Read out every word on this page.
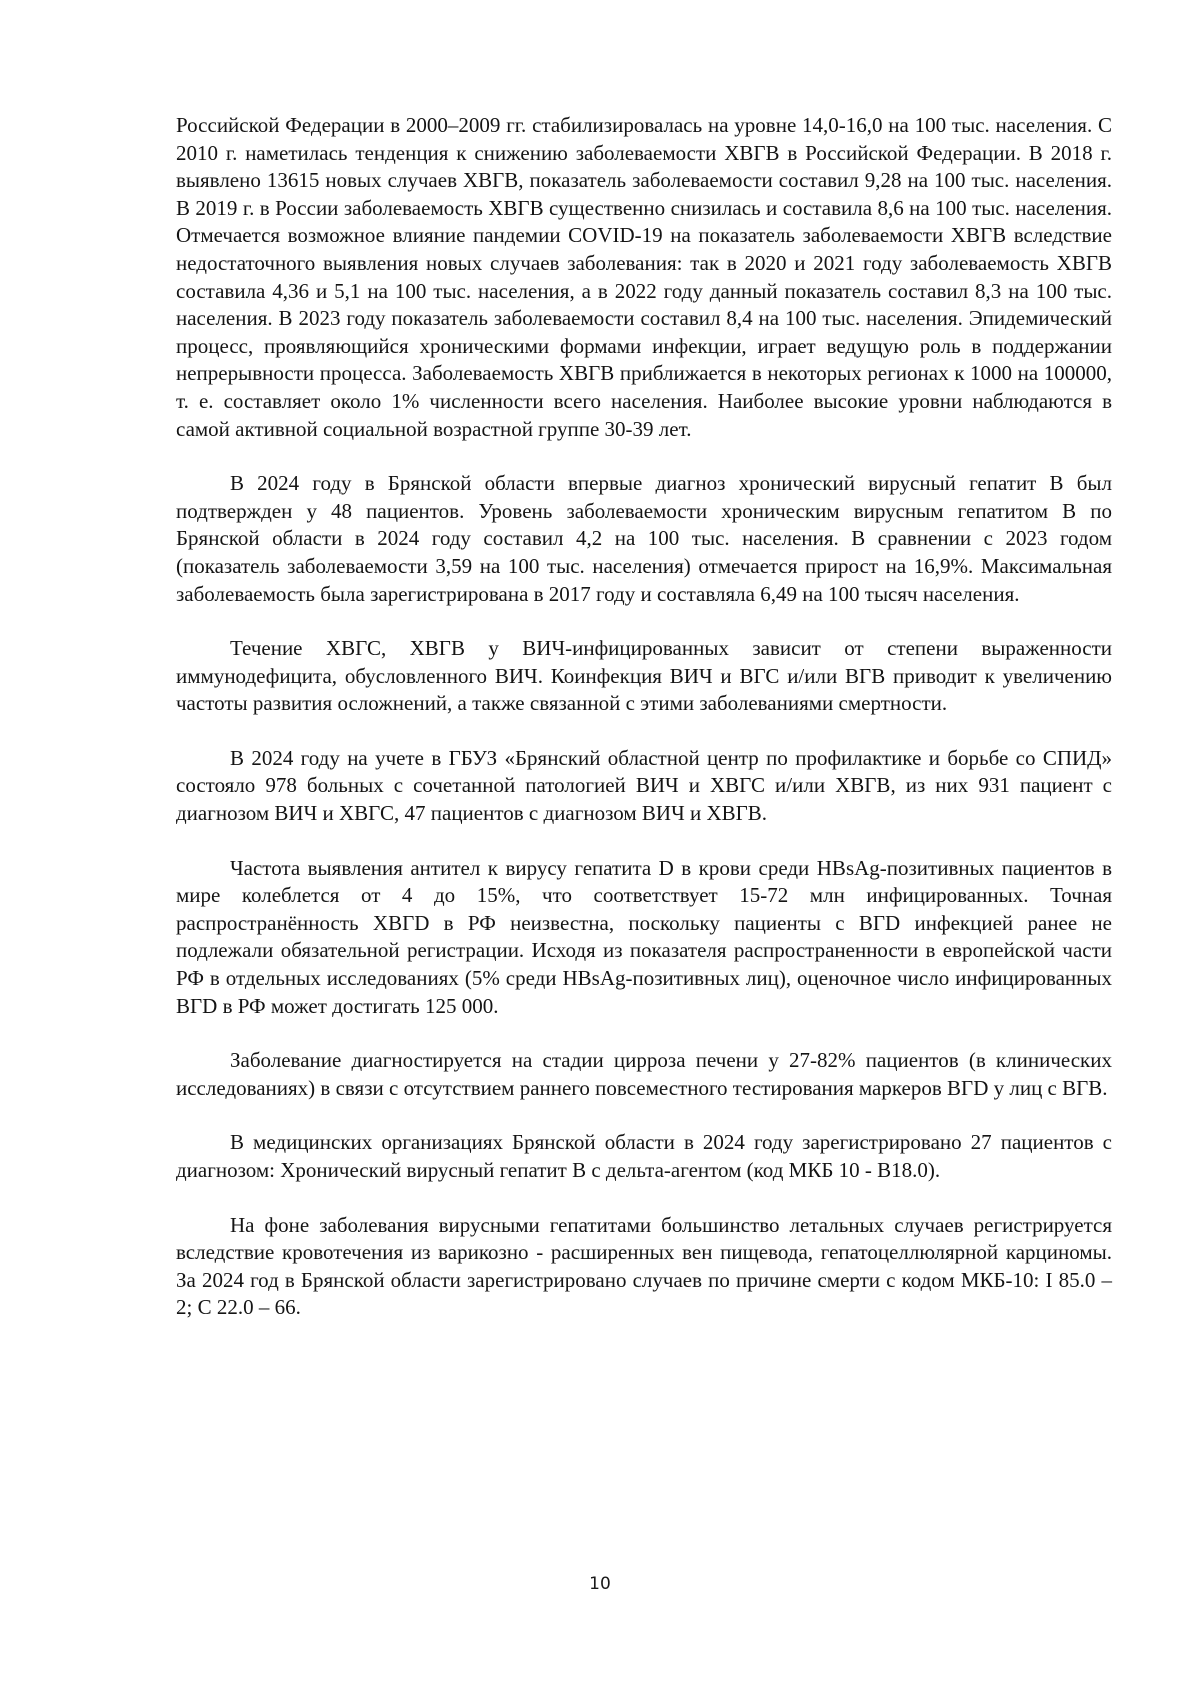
Российской Федерации в 2000–2009 гг. стабилизировалась на уровне 14,0-16,0 на 100 тыс. населения. С 2010 г. наметилась тенденция к снижению заболеваемости ХВГВ в Российской Федерации. В 2018 г. выявлено 13615 новых случаев ХВГВ, показатель заболеваемости составил 9,28 на 100 тыс. населения. В 2019 г. в России заболеваемость ХВГВ существенно снизилась и составила 8,6 на 100 тыс. населения. Отмечается возможное влияние пандемии COVID-19 на показатель заболеваемости ХВГВ вследствие недостаточного выявления новых случаев заболевания: так в 2020 и 2021 году заболеваемость ХВГВ составила 4,36 и 5,1 на 100 тыс. населения, а в 2022 году данный показатель составил 8,3 на 100 тыс. населения. В 2023 году показатель заболеваемости составил 8,4 на 100 тыс. населения. Эпидемический процесс, проявляющийся хроническими формами инфекции, играет ведущую роль в поддержании непрерывности процесса. Заболеваемость ХВГВ приближается в некоторых регионах к 1000 на 100000, т. е. составляет около 1% численности всего населения. Наиболее высокие уровни наблюдаются в самой активной социальной возрастной группе 30-39 лет.

В 2024 году в Брянской области впервые диагноз хронический вирусный гепатит В был подтвержден у 48 пациентов. Уровень заболеваемости хроническим вирусным гепатитом В по Брянской области в 2024 году составил 4,2 на 100 тыс. населения. В сравнении с 2023 годом (показатель заболеваемости 3,59 на 100 тыс. населения) отмечается прирост на 16,9%. Максимальная заболеваемость была зарегистрирована в 2017 году и составляла 6,49 на 100 тысяч населения.

Течение ХВГС, ХВГВ у ВИЧ-инфицированных зависит от степени выраженности иммунодефицита, обусловленного ВИЧ. Коинфекция ВИЧ и ВГС и/или ВГВ приводит к увеличению частоты развития осложнений, а также связанной с этими заболеваниями смертности.

В 2024 году на учете в ГБУЗ «Брянский областной центр по профилактике и борьбе со СПИД» состояло 978 больных с сочетанной патологией ВИЧ и ХВГС и/или ХВГВ, из них 931 пациент с диагнозом ВИЧ и ХВГС, 47 пациентов с диагнозом ВИЧ и ХВГВ.

Частота выявления антител к вирусу гепатита D в крови среди HBsAg-позитивных пациентов в мире колеблется от 4 до 15%, что соответствует 15-72 млн инфицированных. Точная распространённость ХВГD в РФ неизвестна, поскольку пациенты с ВГD инфекцией ранее не подлежали обязательной регистрации. Исходя из показателя распространенности в европейской части РФ в отдельных исследованиях (5% среди HBsAg-позитивных лиц), оценочное число инфицированных ВГD в РФ может достигать 125 000.

Заболевание диагностируется на стадии цирроза печени у 27-82% пациентов (в клинических исследованиях) в связи с отсутствием раннего повсеместного тестирования маркеров ВГD у лиц с ВГВ.

В медицинских организациях Брянской области в 2024 году зарегистрировано 27 пациентов с диагнозом: Хронический вирусный гепатит В с дельта-агентом (код МКБ 10 - B18.0).

На фоне заболевания вирусными гепатитами большинство летальных случаев регистрируется вследствие кровотечения из варикозно - расширенных вен пищевода, гепатоцеллюлярной карциномы. За 2024 год в Брянской области зарегистрировано случаев по причине смерти с кодом МКБ-10: I 85.0 – 2; С 22.0 – 66.

10
